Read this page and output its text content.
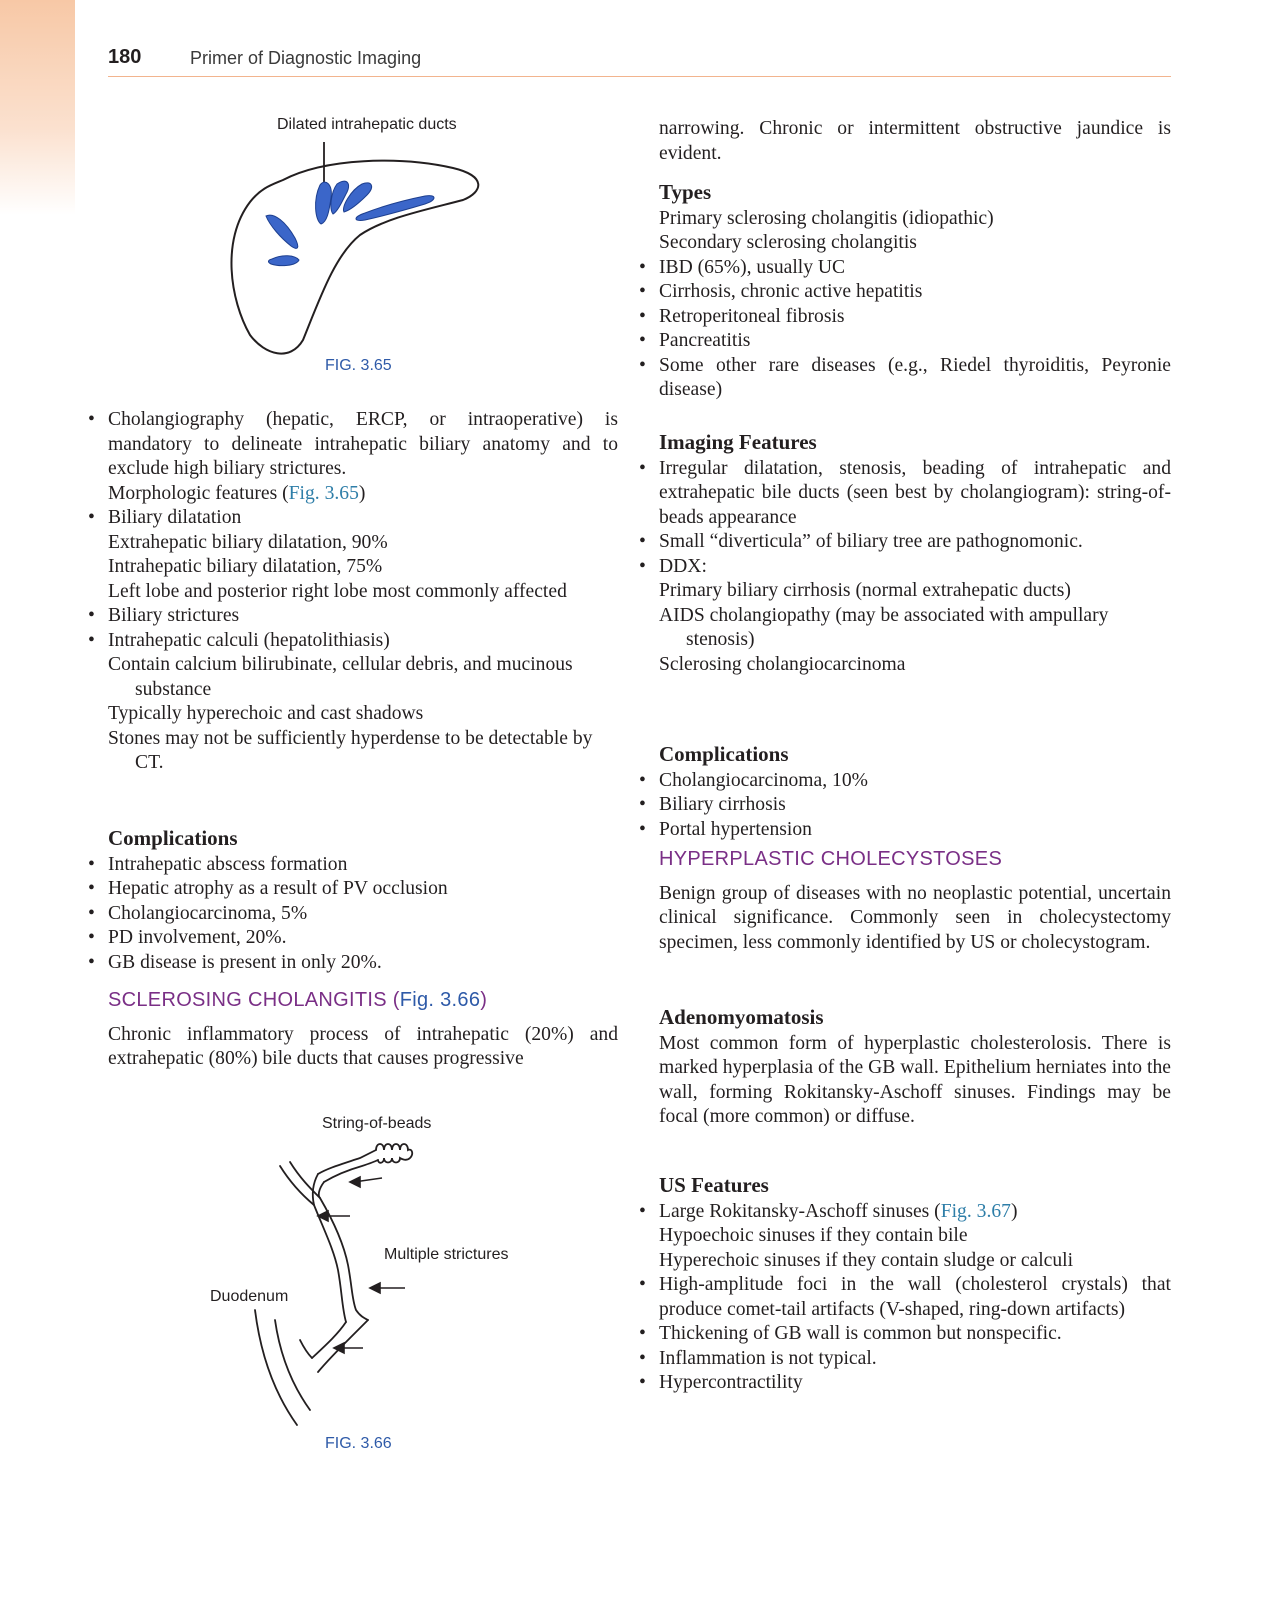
180	Primer of Diagnostic Imaging
Dilated intrahepatic ducts
FIG. 3.65

• Cholangiography (hepatic, ERCP, or intraoperative) is mandatory to delineate intrahepatic biliary anatomy and to exclude high biliary strictures.

Morphologic features (Fig. 3.65)

• Biliary dilatation

Extrahepatic biliary dilatation, 90%

Intrahepatic biliary dilatation, 75%

Left lobe and posterior right lobe most commonly affected

• Biliary strictures

• Intrahepatic calculi (hepatolithiasis)

Contain calcium bilirubinate, cellular debris, and mucinous substance

Typically hyperechoic and cast shadows

Stones may not be sufficiently hyperdense to be detectable by CT.

Complications

• Intrahepatic abscess formation

• Hepatic atrophy as a result of PV occlusion

• Cholangiocarcinoma, 5%

• PD involvement, 20%.

• GB disease is present in only 20%.

SCLEROSING CHOLANGITIS (Fig. 3.66)

Chronic inflammatory process of intrahepatic (20%) and extrahepatic (80%) bile ducts that causes progressive

String-of-beads
Multiple strictures
Duodenum
FIG. 3.66

narrowing. Chronic or intermittent obstructive jaundice is evident.

Types

Primary sclerosing cholangitis (idiopathic)

Secondary sclerosing cholangitis

• IBD (65%), usually UC

• Cirrhosis, chronic active hepatitis

• Retroperitoneal fibrosis

• Pancreatitis

• Some other rare diseases (e.g., Riedel thyroiditis, Peyronie disease)

Imaging Features

• Irregular dilatation, stenosis, beading of intrahepatic and extrahepatic bile ducts (seen best by cholangiogram): string-of-beads appearance

• Small “diverticula” of biliary tree are pathognomonic.

• DDX:

Primary biliary cirrhosis (normal extrahepatic ducts)

AIDS cholangiopathy (may be associated with ampullary stenosis)

Sclerosing cholangiocarcinoma

Complications

• Cholangiocarcinoma, 10%

• Biliary cirrhosis

• Portal hypertension

HYPERPLASTIC CHOLECYSTOSES

Benign group of diseases with no neoplastic potential, uncertain clinical significance. Commonly seen in cholecystectomy specimen, less commonly identified by US or cholecystogram.

Adenomyomatosis

Most common form of hyperplastic cholesterolosis. There is marked hyperplasia of the GB wall. Epithelium herniates into the wall, forming Rokitansky-Aschoff sinuses. Findings may be focal (more common) or diffuse.

US Features

• Large Rokitansky-Aschoff sinuses (Fig. 3.67)

Hypoechoic sinuses if they contain bile

Hyperechoic sinuses if they contain sludge or calculi

• High-amplitude foci in the wall (cholesterol crystals) that produce comet-tail artifacts (V-shaped, ring-down artifacts)

• Thickening of GB wall is common but nonspecific.

• Inflammation is not typical.

• Hypercontractility
